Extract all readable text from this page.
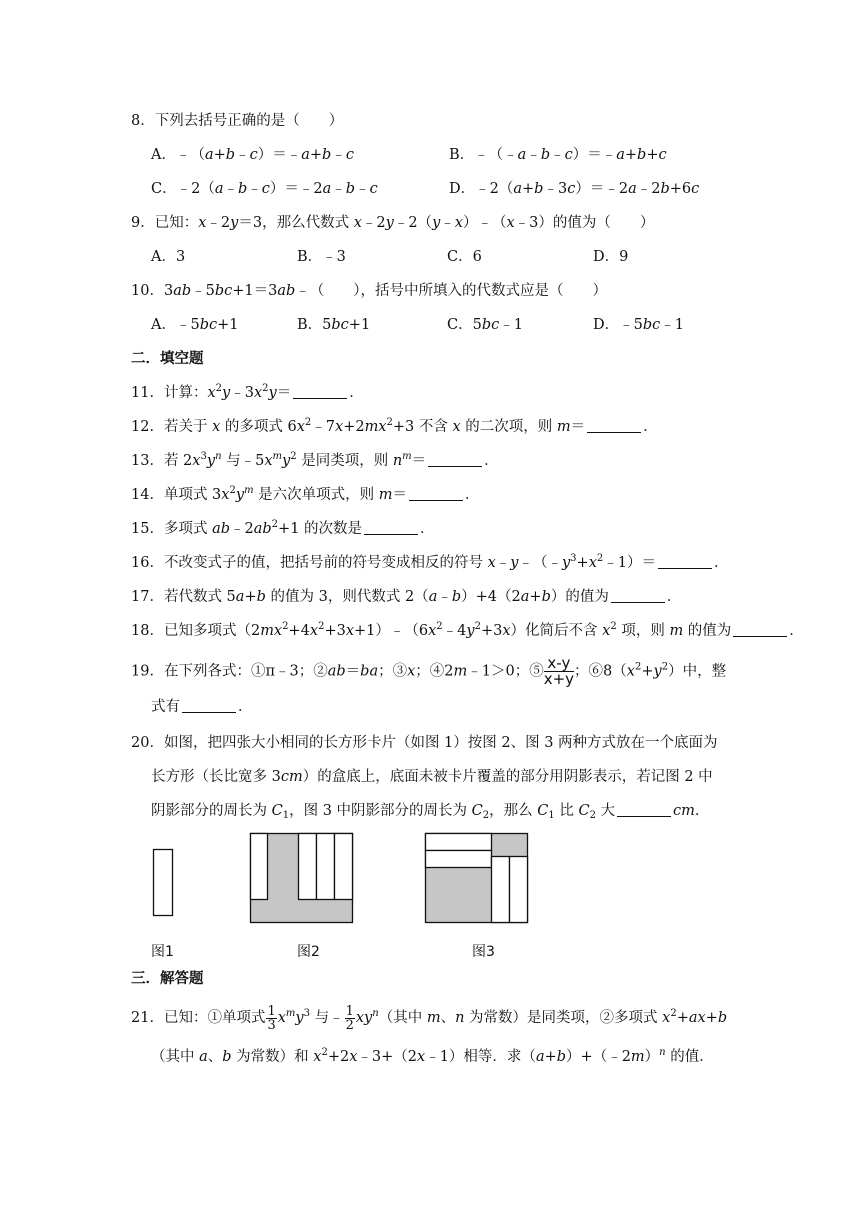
8．下列去括号正确的是（　　）
A．﹣（a+b﹣c）＝﹣a+b﹣c	B．﹣（﹣a﹣b﹣c）＝﹣a+b+c
C．﹣2（a﹣b﹣c）＝﹣2a﹣b﹣c	D．﹣2（a+b﹣3c）＝﹣2a﹣2b+6c
9．已知：x﹣2y＝3，那么代数式 x﹣2y﹣2（y﹣x）﹣（x﹣3）的值为（　　）
A．3	B．﹣3	C．6	D．9
10．3ab﹣5bc+1＝3ab﹣（　　），括号中所填入的代数式应是（　　）
A．﹣5bc+1	B．5bc+1	C．5bc﹣1	D．﹣5bc﹣1
二．填空题
11．计算：$x^2y﹣3x^2y=$	．
12．若关于 x 的多项式 $6x^2﹣7x+2mx^2+3$ 不含 x 的二次项，则 m＝	．
13．若 $2x^3y^n$ 与$﹣5x^my^2$ 是同类项，则 $n^m=$	．
14．单项式 $3x^2y^m$ 是六次单项式，则 m＝	．
15．多项式 $ab﹣2ab^2+1$ 的次数是	．
16．不改变式子的值，把括号前的符号变成相反的符号 $x﹣y﹣(﹣y^3+x^2﹣1)=$	．
17．若代数式 5a+b 的值为 3，则代数式 2（a﹣b）+4（2a+b）的值为	．
18．已知多项式$(2mx^2+4x^2+3x+1)﹣(6x^2﹣4y^2+3x)$化简后不含 $x^2$ 项，则 m 的值为	．
19．在下列各式：①π﹣3；②ab＝ba；③x；④2m﹣1＞0；⑤ $\frac{x-y}{x+y}$；$⑥8(x^2+y^2)$中，整
式有	．
20．如图，把四张大小相同的长方形卡片（如图 1）按图 2、图 3 两种方式放在一个底面为
长方形（长比宽多 3cm）的盒底上，底面未被卡片覆盖的部分用阴影表示，若记图 2 中
阴影部分的周长为 $C_1$，图 3 中阴影部分的周长为 $C_2$，那么 $C_1$ 比 $C_2$ 大	cm．
图1	图2	图3
三．解答题
21．已知：①单项式 $\frac{1}{3} x^my^3$ 与﹣ $\frac{1}{2} xy^n$（其中 m、n 为常数）是同类项，②多项式 $x^2+ax+b$
（其中 a、b 为常数）和 $x^2+2x﹣3+(2x﹣1)$相等．求（a+b）+（﹣2m）$^n$ 的值．
